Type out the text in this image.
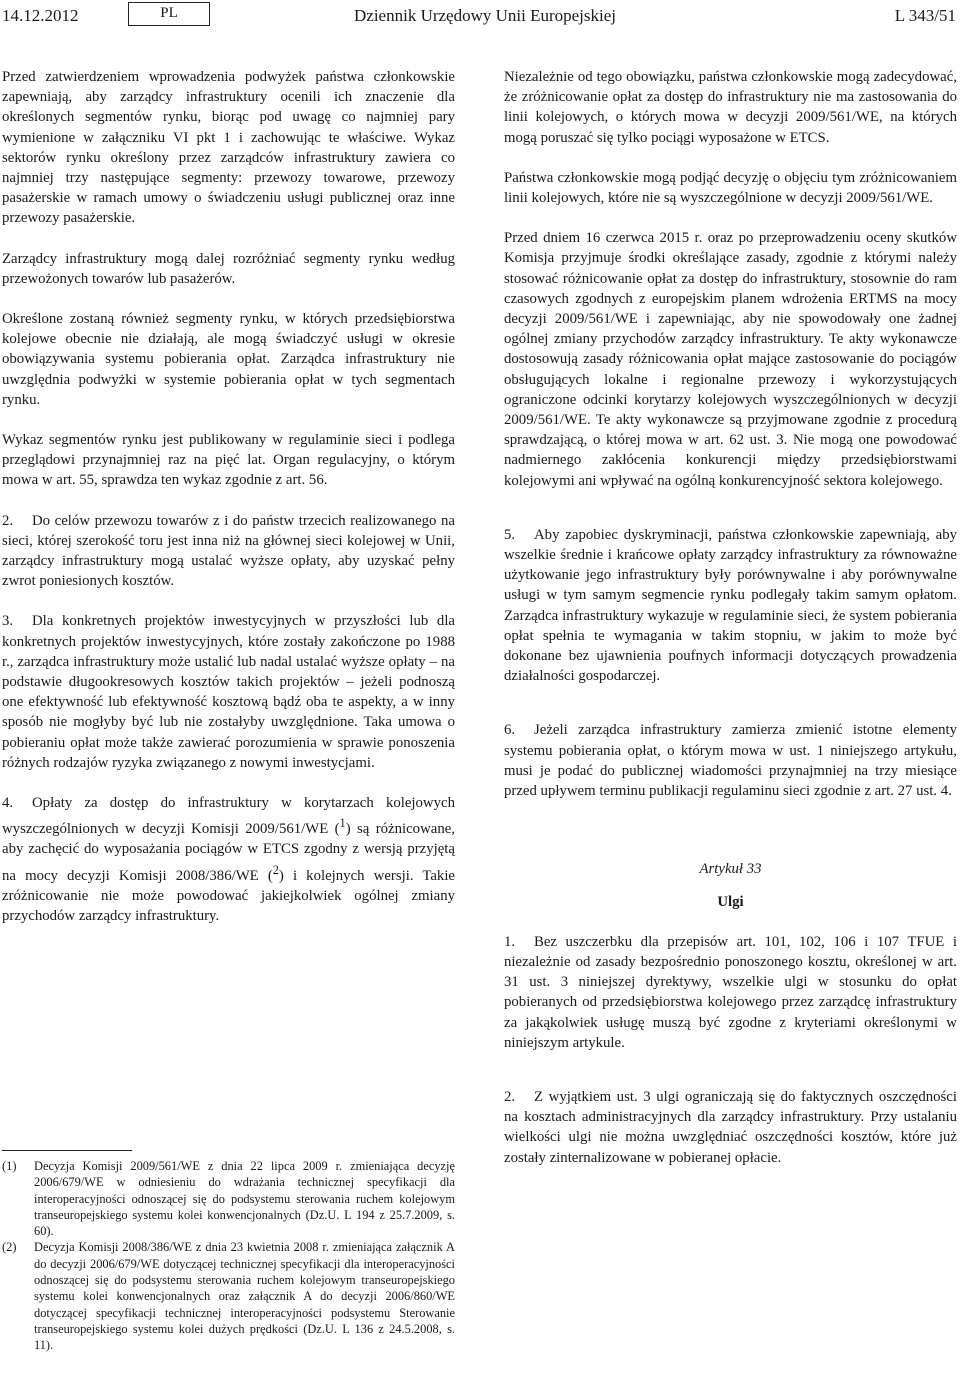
14.12.2012	PL	Dziennik Urzędowy Unii Europejskiej	L 343/51

Przed zatwierdzeniem wprowadzenia podwyżek państwa członkowskie zapewniają, aby zarządcy infrastruktury ocenili ich znaczenie dla określonych segmentów rynku, biorąc pod uwagę co najmniej pary wymienione w załączniku VI pkt 1 i zachowując te właściwe. Wykaz sektorów rynku określony przez zarządców infrastruktury zawiera co najmniej trzy następujące segmenty: przewozy towarowe, przewozy pasażerskie w ramach umowy o świadczeniu usługi publicznej oraz inne przewozy pasażerskie.

Zarządcy infrastruktury mogą dalej rozróżniać segmenty rynku według przewożonych towarów lub pasażerów.

Określone zostaną również segmenty rynku, w których przedsiębiorstwa kolejowe obecnie nie działają, ale mogą świadczyć usługi w okresie obowiązywania systemu pobierania opłat. Zarządca infrastruktury nie uwzględnia podwyżki w systemie pobierania opłat w tych segmentach rynku.

Wykaz segmentów rynku jest publikowany w regulaminie sieci i podlega przeglądowi przynajmniej raz na pięć lat. Organ regulacyjny, o którym mowa w art. 55, sprawdza ten wykaz zgodnie z art. 56.

2. Do celów przewozu towarów z i do państw trzecich realizowanego na sieci, której szerokość toru jest inna niż na głównej sieci kolejowej w Unii, zarządcy infrastruktury mogą ustalać wyższe opłaty, aby uzyskać pełny zwrot poniesionych kosztów.

3. Dla konkretnych projektów inwestycyjnych w przyszłości lub dla konkretnych projektów inwestycyjnych, które zostały zakończone po 1988 r., zarządca infrastruktury może ustalić lub nadal ustalać wyższe opłaty – na podstawie długookresowych kosztów takich projektów – jeżeli podnoszą one efektywność lub efektywność kosztową bądź oba te aspekty, a w inny sposób nie mogłyby być lub nie zostałyby uwzględnione. Taka umowa o pobieraniu opłat może także zawierać porozumienia w sprawie ponoszenia różnych rodzajów ryzyka związanego z nowymi inwestycjami.

4. Opłaty za dostęp do infrastruktury w korytarzach kolejowych wyszczególnionych w decyzji Komisji 2009/561/WE ($^1$) są różnicowane, aby zachęcić do wyposażania pociągów w ETCS zgodny z wersją przyjętą na mocy decyzji Komisji 2008/386/WE ($^2$) i kolejnych wersji. Takie zróżnicowanie nie może powodować jakiejkolwiek ogólnej zmiany przychodów zarządcy infrastruktury.

(1)	Decyzja Komisji 2009/561/WE z dnia 22 lipca 2009 r. zmieniająca decyzję 2006/679/WE w odniesieniu do wdrażania technicznej specyfikacji dla interoperacyjności odnoszącej się do podsystemu sterowania ruchem kolejowym transeuropejskiego systemu kolei konwencjonalnych (Dz.U. L 194 z 25.7.2009, s. 60).
(2)	Decyzja Komisji 2008/386/WE z dnia 23 kwietnia 2008 r. zmieniająca załącznik A do decyzji 2006/679/WE dotyczącej technicznej specyfikacji dla interoperacyjności odnoszącej się do podsystemu sterowania ruchem kolejowym transeuropejskiego systemu kolei konwencjonalnych oraz załącznik A do decyzji 2006/860/WE dotyczącej specyfikacji technicznej interoperacyjności podsystemu Sterowanie transeuropejskiego systemu kolei dużych prędkości (Dz.U. L 136 z 24.5.2008, s. 11).

Niezależnie od tego obowiązku, państwa członkowskie mogą zadecydować, że zróżnicowanie opłat za dostęp do infrastruktury nie ma zastosowania do linii kolejowych, o których mowa w decyzji 2009/561/WE, na których mogą poruszać się tylko pociągi wyposażone w ETCS.

Państwa członkowskie mogą podjąć decyzję o objęciu tym zróżnicowaniem linii kolejowych, które nie są wyszczególnione w decyzji 2009/561/WE.

Przed dniem 16 czerwca 2015 r. oraz po przeprowadzeniu oceny skutków Komisja przyjmuje środki określające zasady, zgodnie z którymi należy stosować różnicowanie opłat za dostęp do infrastruktury, stosownie do ram czasowych zgodnych z europejskim planem wdrożenia ERTMS na mocy decyzji 2009/561/WE i zapewniając, aby nie spowodowały one żadnej ogólnej zmiany przychodów zarządcy infrastruktury. Te akty wykonawcze dostosowują zasady różnicowania opłat mające zastosowanie do pociągów obsługujących lokalne i regionalne przewozy i wykorzystujących ograniczone odcinki korytarzy kolejowych wyszczególnionych w decyzji 2009/561/WE. Te akty wykonawcze są przyjmowane zgodnie z procedurą sprawdzającą, o której mowa w art. 62 ust. 3. Nie mogą one powodować nadmiernego zakłócenia konkurencji między przedsiębiorstwami kolejowymi ani wpływać na ogólną konkurencyjność sektora kolejowego.

5. Aby zapobiec dyskryminacji, państwa członkowskie zapewniają, aby wszelkie średnie i krańcowe opłaty zarządcy infrastruktury za równoważne użytkowanie jego infrastruktury były porównywalne i aby porównywalne usługi w tym samym segmencie rynku podlegały takim samym opłatom. Zarządca infrastruktury wykazuje w regulaminie sieci, że system pobierania opłat spełnia te wymagania w takim stopniu, w jakim to może być dokonane bez ujawnienia poufnych informacji dotyczących prowadzenia działalności gospodarczej.

6. Jeżeli zarządca infrastruktury zamierza zmienić istotne elementy systemu pobierania opłat, o którym mowa w ust. 1 niniejszego artykułu, musi je podać do publicznej wiadomości przynajmniej na trzy miesiące przed upływem terminu publikacji regulaminu sieci zgodnie z art. 27 ust. 4.

Artykuł 33
Ulgi

1. Bez uszczerbku dla przepisów art. 101, 102, 106 i 107 TFUE i niezależnie od zasady bezpośrednio ponoszonego kosztu, określonej w art. 31 ust. 3 niniejszej dyrektywy, wszelkie ulgi w stosunku do opłat pobieranych od przedsiębiorstwa kolejowego przez zarządcę infrastruktury za jakąkolwiek usługę muszą być zgodne z kryteriami określonymi w niniejszym artykule.

2. Z wyjątkiem ust. 3 ulgi ograniczają się do faktycznych oszczędności na kosztach administracyjnych dla zarządcy infrastruktury. Przy ustalaniu wielkości ulgi nie można uwzględniać oszczędności kosztów, które już zostały zinternalizowane w pobieranej opłacie.
